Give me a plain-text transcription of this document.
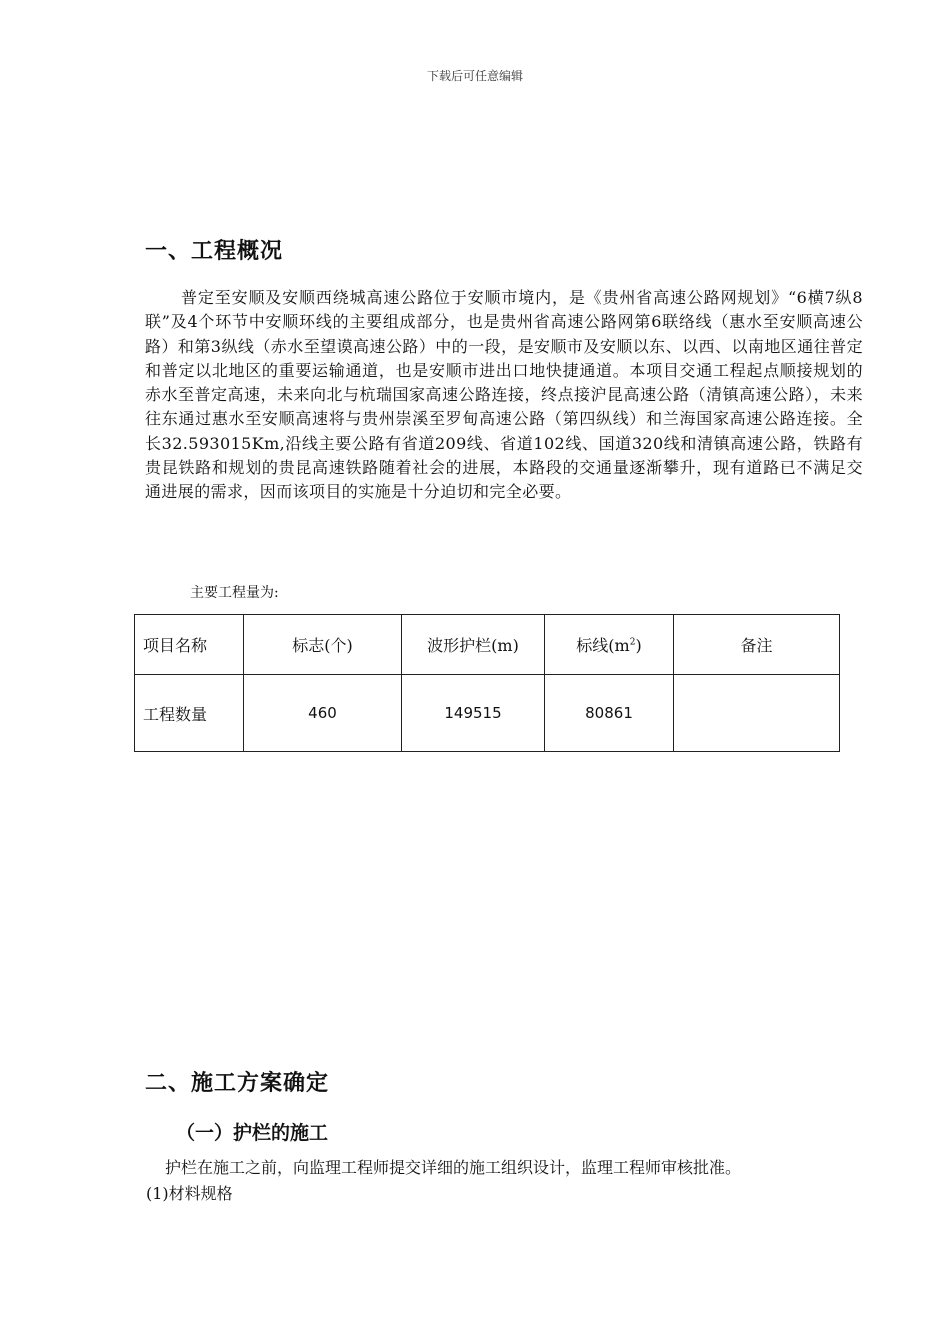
下载后可任意编辑
一、工程概况

普定至安顺及安顺西绕城高速公路位于安顺市境内，是《贵州省高速公路网规划》“6横7纵8联”及4个环节中安顺环线的主要组成部分，也是贵州省高速公路网第6联络线（惠水至安顺高速公路）和第3纵线（赤水至望谟高速公路）中的一段，是安顺市及安顺以东、以西、以南地区通往普定和普定以北地区的重要运输通道，也是安顺市进出口地快捷通道。本项目交通工程起点顺接规划的赤水至普定高速，未来向北与杭瑞国家高速公路连接，终点接沪昆高速公路（清镇高速公路），未来往东通过惠水至安顺高速将与贵州崇溪至罗甸高速公路（第四纵线）和兰海国家高速公路连接。全长32.593015Km,沿线主要公路有省道209线、省道102线、国道320线和清镇高速公路，铁路有贵昆铁路和规划的贵昆高速铁路随着社会的进展，本路段的交通量逐渐攀升，现有道路已不满足交通进展的需求，因而该项目的实施是十分迫切和完全必要。

主要工程量为:

项目名称	标志(个)	波形护栏(m)	标线$(m^2)$	备注
工程数量	460	149515	80861	
二、施工方案确定
（一）护栏的施工

护栏在施工之前，向监理工程师提交详细的施工组织设计，监理工程师审核批准。

(1)材料规格
